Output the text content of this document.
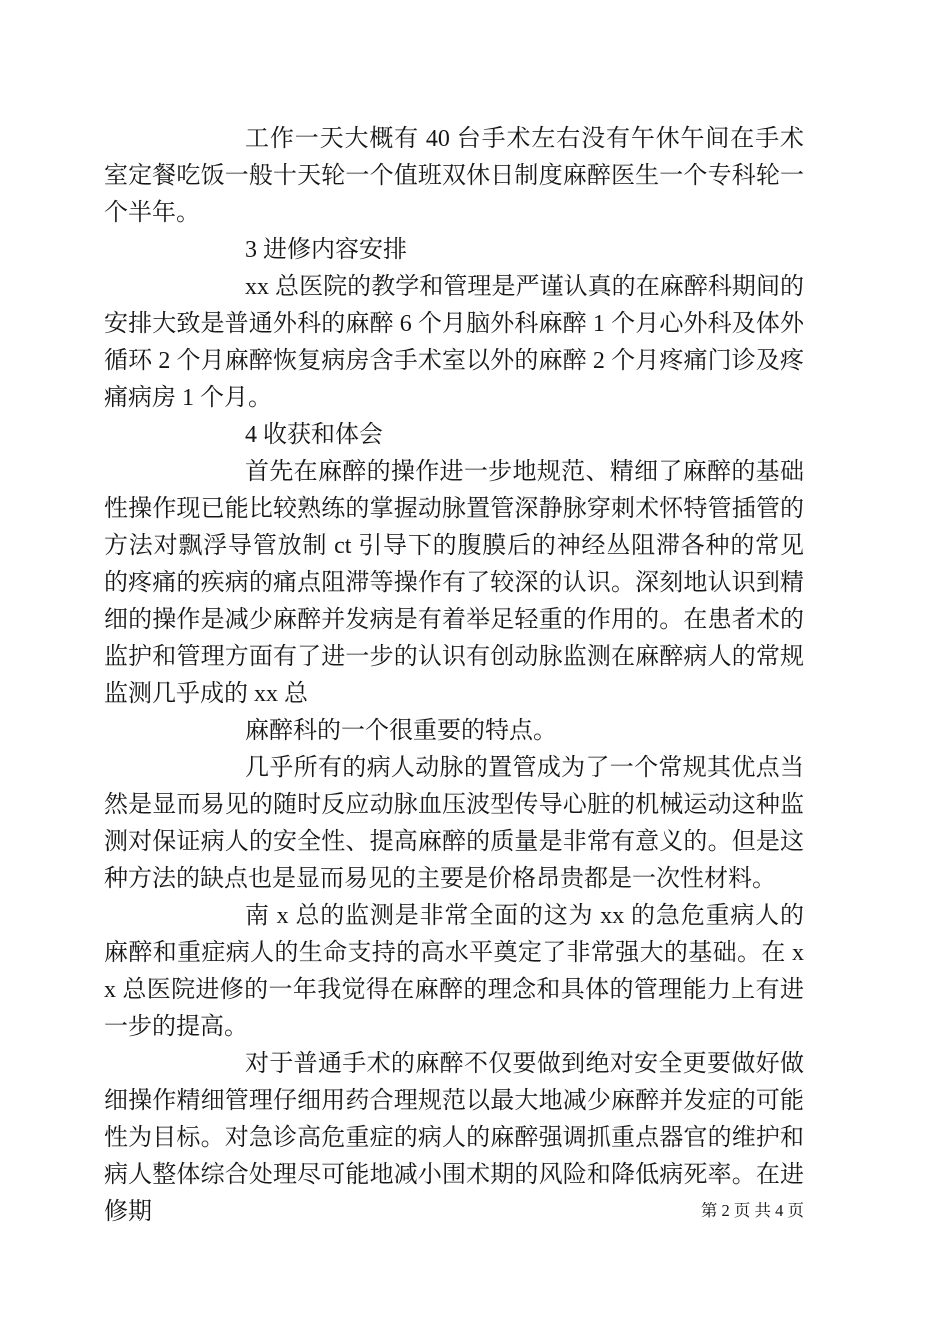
工作一天大概有 40 台手术左右没有午休午间在手术室定餐吃饭一般十天轮一个值班双休日制度麻醉医生一个专科轮一个半年。

3 进修内容安排

xx 总医院的教学和管理是严谨认真的在麻醉科期间的安排大致是普通外科的麻醉 6 个月脑外科麻醉 1 个月心外科及体外循环 2 个月麻醉恢复病房含手术室以外的麻醉 2 个月疼痛门诊及疼痛病房 1 个月。

4 收获和体会

首先在麻醉的操作进一步地规范、精细了麻醉的基础性操作现已能比较熟练的掌握动脉置管深静脉穿刺术怀特管插管的方法对飘浮导管放制 ct 引导下的腹膜后的神经丛阻滞各种的常见的疼痛的疾病的痛点阻滞等操作有了较深的认识。深刻地认识到精细的操作是减少麻醉并发病是有着举足轻重的作用的。在患者术的监护和管理方面有了进一步的认识有创动脉监测在麻醉病人的常规监测几乎成的 xx 总

麻醉科的一个很重要的特点。

几乎所有的病人动脉的置管成为了一个常规其优点当然是显而易见的随时反应动脉血压波型传导心脏的机械运动这种监测对保证病人的安全性、提高麻醉的质量是非常有意义的。但是这种方法的缺点也是显而易见的主要是价格昂贵都是一次性材料。

南 x 总的监测是非常全面的这为 xx 的急危重病人的麻醉和重症病人的生命支持的高水平奠定了非常强大的基础。在 xx 总医院进修的一年我觉得在麻醉的理念和具体的管理能力上有进一步的提高。

对于普通手术的麻醉不仅要做到绝对安全更要做好做细操作精细管理仔细用药合理规范以最大地减少麻醉并发症的可能性为目标。对急诊高危重症的病人的麻醉强调抓重点器官的维护和病人整体综合处理尽可能地减小围术期的风险和降低病死率。在进修期	第 2 页 共 4 页
